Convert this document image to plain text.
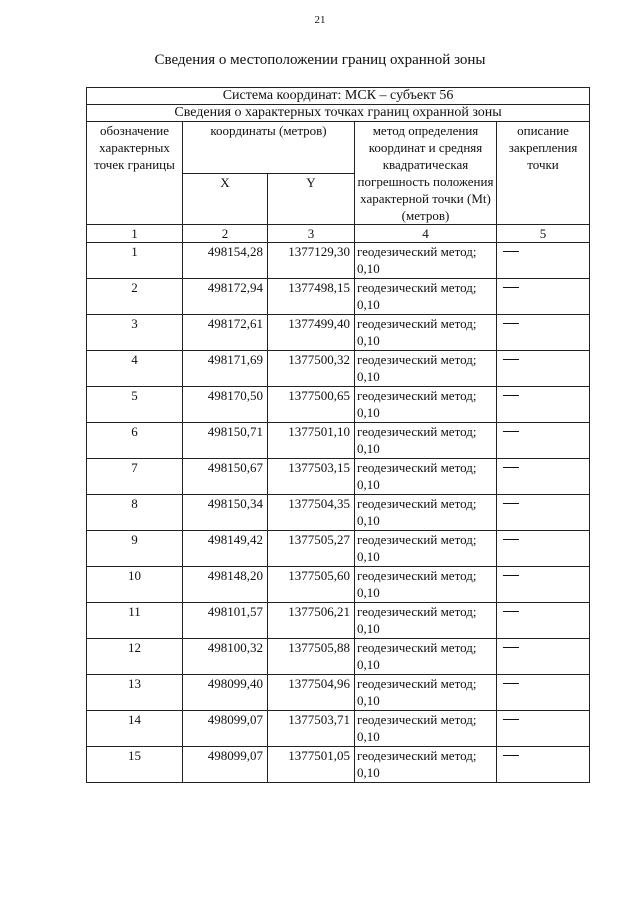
21
Сведения о местоположении границ охранной зоны
Система координат: МСК – субъект 56				
Сведения о характерных точках границ охранной зоны				
обозначение характерных точек границы	координаты (метров)		метод определения координат и средняя квадратическая погрешность положения характерной точки (Mt) (метров)	описание закрепления точки
	X	Y		
1	2	3	4	5
1	498154,28	1377129,30	геодезический метод; 0,10	
2	498172,94	1377498,15	геодезический метод; 0,10	
3	498172,61	1377499,40	геодезический метод; 0,10	
4	498171,69	1377500,32	геодезический метод; 0,10	
5	498170,50	1377500,65	геодезический метод; 0,10	
6	498150,71	1377501,10	геодезический метод; 0,10	
7	498150,67	1377503,15	геодезический метод; 0,10	
8	498150,34	1377504,35	геодезический метод; 0,10	
9	498149,42	1377505,27	геодезический метод; 0,10	
10	498148,20	1377505,60	геодезический метод; 0,10	
11	498101,57	1377506,21	геодезический метод; 0,10	
12	498100,32	1377505,88	геодезический метод; 0,10	
13	498099,40	1377504,96	геодезический метод; 0,10	
14	498099,07	1377503,71	геодезический метод; 0,10	
15	498099,07	1377501,05	геодезический метод; 0,10	
